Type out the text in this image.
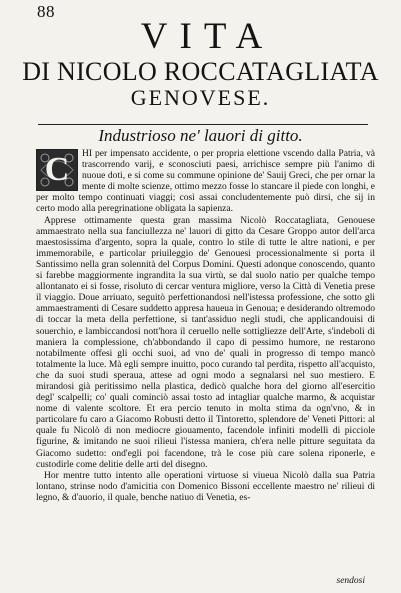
88
VITA
DI NICOLO ROCCATAGLIATA
GENOVESE.
Industrioso ne' lauori di gitto.

C	HI per impensato accidente, o per propria elettione vscendo dalla Patria, và trascorrendo varij, e sconosciuti paesi, arrichisce sempre più l'animo di nuoue doti, e si come su commune opinione de' Sauij Greci, che per ornar la mente di molte scienze, ottimo mezzo fosse lo stancare il piede con longhi, e per molto tempo continuati viaggi; così assai concludentemente può dirsi, che sij in certo modo alla peregrinatione obligata la sapienza.

Apprese ottimamente questa gran massima Nicolò Roccatagliata, Genouese ammaestrato nella sua fanciullezza ne' lauori di gitto da Cesare Groppo autor dell'arca maestosissima d'argento, sopra la quale, contro lo stile di tutte le altre nationi, e per immemorabile, e particolar priuileggio de' Genouesi processionalmente si porta il Santissimo nella gran solennità del Corpus Domini. Questi adonque conoscendo, quanto si farebbe maggiormente ingrandita la sua virtù, se dal suolo natio per qualche tempo allontanato ei si fosse, risoluto di cercar ventura migliore, verso la Città di Venetia prese il viaggio. Doue arriuato, seguitò perfettionandosi nell'istessa professione, che sotto gli ammaestramenti di Cesare suddetto appresa haueua in Genoua; e desiderando oltremodo di toccar la meta della perfettione, si tant'assiduo negli studi, che applicandouisi di souerchio, e lambiccandosi nott'hora il ceruello nelle sottigliezze dell'Arte, s'indeboli di maniera la complessione, ch'abbondando il capo di pessimo humore, ne restarono notabilmente offesi gli occhi suoi, ad vno de' quali in progresso di tempo mancò totalmente la luce. Mà egli sempre inuitto, poco curando tal perdita, rispetto all'acquisto, che da suoi studi speraua, attese ad ogni modo a segnalarsi nel suo mestiero. E mirandosi già peritissimo nella plastica, dedicò qualche hora del giorno all'esercitio degl' scalpelli; co' quali cominciò assai tosto ad intagliar qualche marmo, & acquistar nome di valente scoltore. Et era percio tenuto in molta stima da ogn'vno, & in particolare fu caro a Giacomo Robusti detto il Tintoretto, splendore de' Veneti Pittori: al quale fu Nicolò di non mediocre giouamento, facendole infiniti modelli di picciole figurine, & imitando ne suoi rilieui l'istessa maniera, ch'era nelle pitture seguitata da Giacomo sudetto: ond'egli poi facendone, trà le cose più care solena riponerle, e custodirle come delitie delle arti del disegno.

Hor mentre tutto intento alle operationi virtuose si viueua Nicolò dalla sua Patria lontano, strinse nodo d'amicitia con Domenico Bissoni eccellente maestro ne' rilieui di legno, & d'auorio, il quale, benche natiuo di Venetia, es-

sendosi
